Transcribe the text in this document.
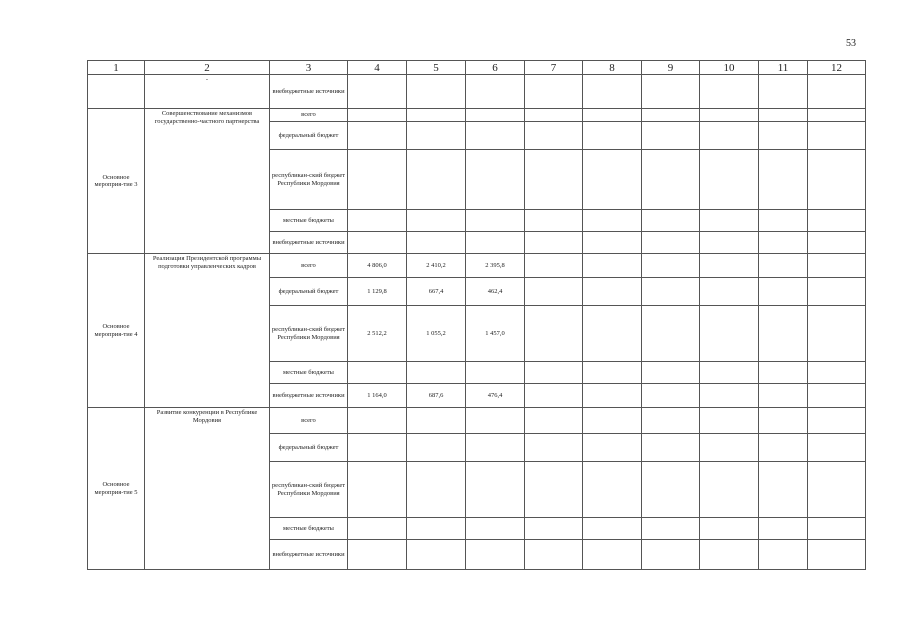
53
1	2	3	4	5	6	7	8	9	10	11	12
	-	внебюджетные источники									
Основное мероприя-тие 3	Совершенствование механизмов государственно-частного партнерства	всего									
		федеральный бюджет									
		республикан-ский бюджет Республики Мордовия									
		местные бюджеты									
		внебюджетные источники									
Основное мероприя-тие 4	Реализация Президентской программы подготовки управленческих кадров	всего	4 806,0	2 410,2	2 395,8						
		федеральный бюджет	1 129,8	667,4	462,4						
		республикан-ский бюджет Республики Мордовия	2 512,2	1 055,2	1 457,0						
		местные бюджеты									
		внебюджетные источники	1 164,0	687,6	476,4						
Основное мероприя-тие 5	Развитие конкуренции в Республике Мордовия	всего									
		федеральный бюджет									
		республикан-ский бюджет Республики Мордовия									
		местные бюджеты									
		внебюджетные источники									
